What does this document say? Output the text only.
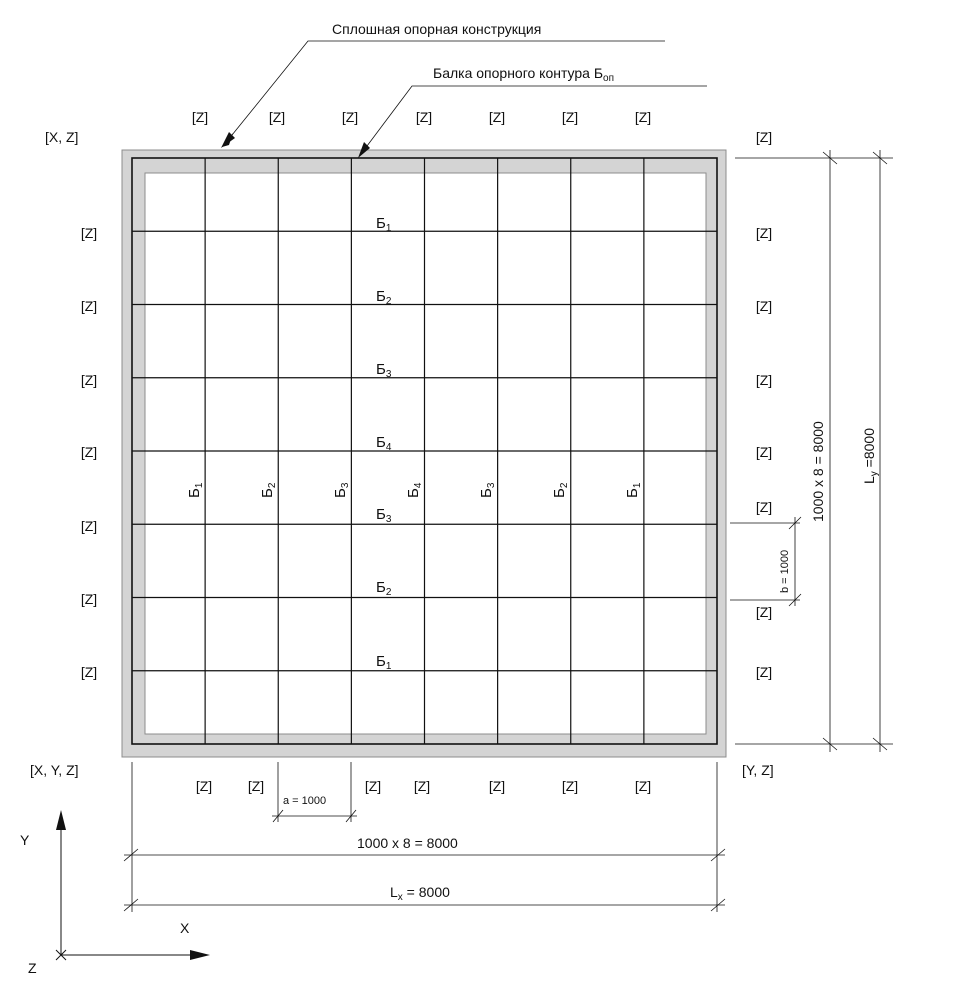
Сплошная опорная конструкция
Балка опорного контура $Б_{оп}$
[X, Z]
[X, Y, Z]	[Y, Z]
[Z]	[Z]	[Z]	[Z]	[Z]	[Z]	[Z]
[Z]	[Z]	[Z] [Z]	[Z]	[Z]	[Z]
[Z]
[Z]
[Z]
[Z]
[Z]
[Z]
[Z]
[Z]
[Z]
[Z]
[Z]
[Z]
[Z]
[Z]
[Z]
$Б_1$
$Б_2$
$Б_3$
$Б_4$
$Б_3$
$Б_2$
$Б_1$
$Б_1$
$Б_2$
$Б_3$
$Б_4$
$Б_3$
$Б_2$
$Б_1$
a = 1000
b = 1000
1000 x 8 = 8000
$L_x = 8000$
1000 x 8 = 8000	$L_y =8000$
Y
X
Z
